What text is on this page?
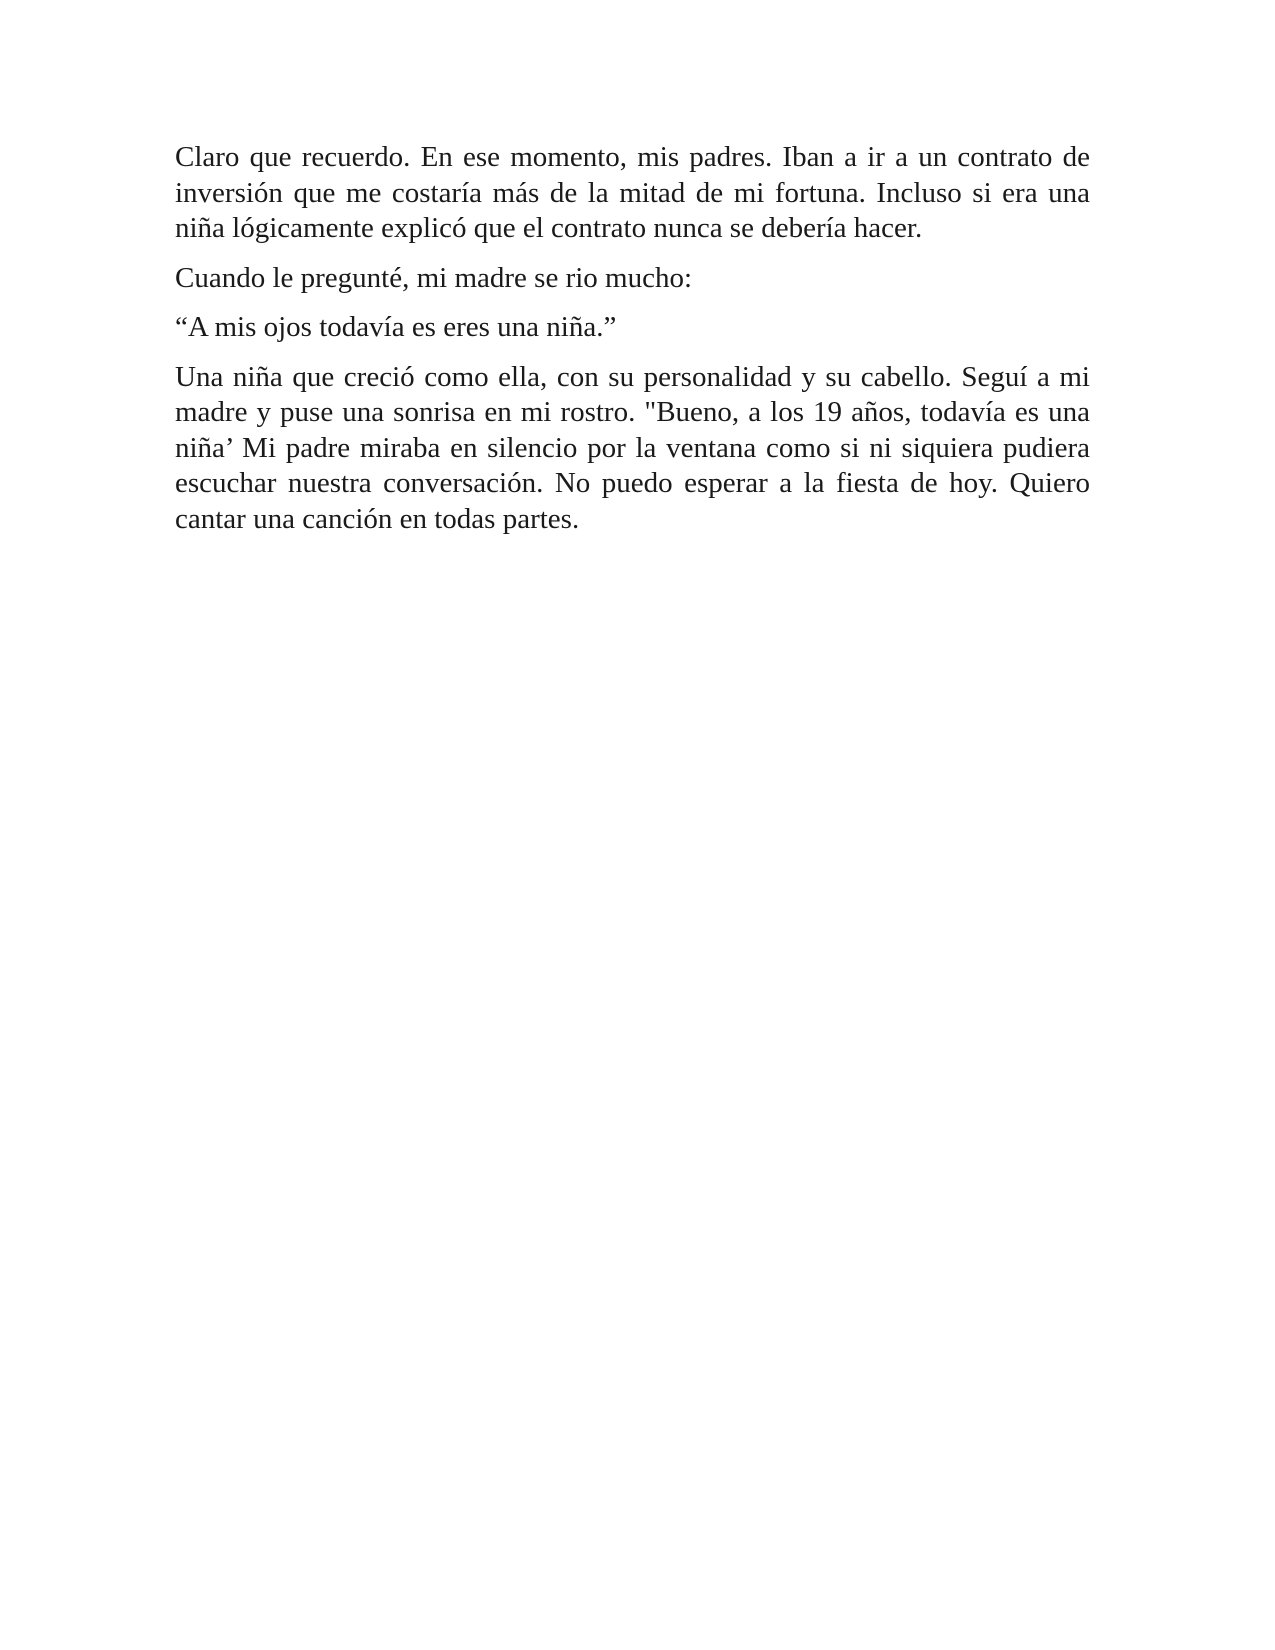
Claro que recuerdo. En ese momento, mis padres. Iban a ir a un contrato de inversión que me costaría más de la mitad de mi fortuna. Incluso si era una niña lógicamente explicó que el contrato nunca se debería hacer.

Cuando le pregunté, mi madre se rio mucho:

“A mis ojos todavía es eres una niña.”

Una niña que creció como ella, con su personalidad y su cabello. Seguí a mi madre y puse una sonrisa en mi rostro. "Bueno, a los 19 años, todavía es una niña’ Mi padre miraba en silencio por la ventana como si ni siquiera pudiera escuchar nuestra conversación. No puedo esperar a la fiesta de hoy. Quiero cantar una canción en todas partes.
